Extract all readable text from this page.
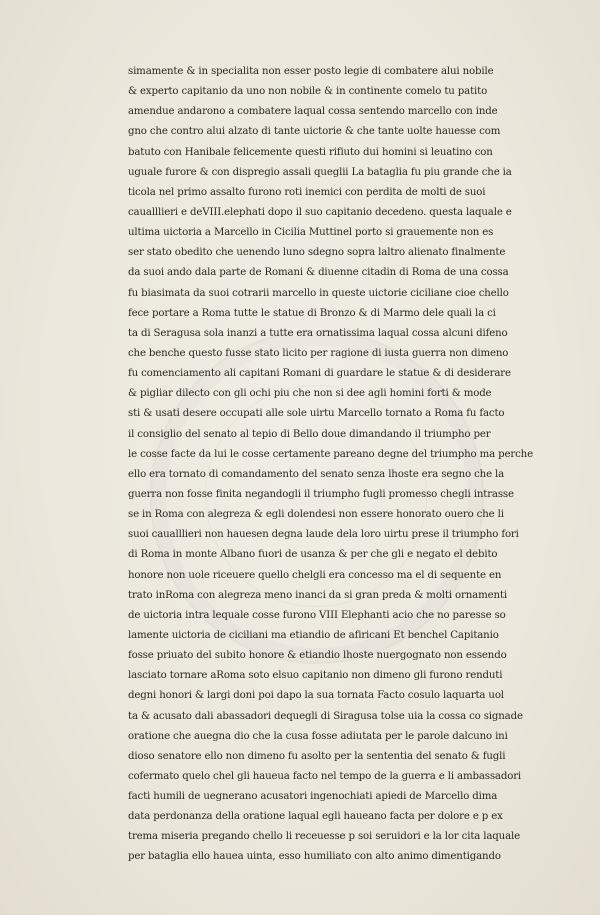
simamente & in specialita non esser posto legie di combatere alui nobile
& experto capitanio da uno non nobile & in continente comelo tu patito
amendue andarono a combatere laqual cossa sentendo marcello con inde
gno che contro alui alzato di tante uictorie & che tante uolte hauesse com
batuto con Hanibale felicemente questi rifiuto dui homini si leuatino con
uguale furore & con dispregio assali queglii La bataglia fu piu grande che ia
ticola nel primo assalto furono roti inemici con perdita de molti de suoi
caualllieri e deVIII.elephati dopo il suo capitanio decedeno. questa laquale e
ultima uictoria a Marcello in Cicilia Muttinel porto si grauemente non es
ser stato obedito che uenendo luno sdegno sopra laltro alienato finalmente
da suoi ando dala parte de Romani & diuenne citadin di Roma de una cossa
fu biasimata da suoi cotrarii marcello in queste uictorie ciciliane cioe chello
fece portare a Roma tutte le statue di Bronzo & di Marmo dele quali la ci
ta di Seragusa sola inanzi a tutte era ornatissima laqual cossa alcuni difeno
che benche questo fusse stato licito per ragione di iusta guerra non dimeno
fu comenciamento ali capitani Romani di guardare le statue & di desiderare
& pigliar dilecto con gli ochi piu che non si dee agli homini forti & mode
sti & usati desere occupati alle sole uirtu Marcello tornato a Roma fu facto
il consiglio del senato al tepio di Bello doue dimandando il triumpho per
le cosse facte da lui le cosse certamente pareano degne del triumpho ma perche
ello era tornato di comandamento del senato senza lhoste era segno che la
guerra non fosse finita negandogli il triumpho fugli promesso chegli intrasse
se in Roma con alegreza & egli dolendesi non essere honorato ouero che li
suoi caualllieri non hauesen degna laude dela loro uirtu prese il triumpho fori
di Roma in monte Albano fuori de usanza & per che gli e negato el debito
honore non uole riceuere quello chelgli era concesso ma el di sequente en
trato inRoma con alegreza meno inanci da si gran preda & molti ornamenti
de uictoria intra lequale cosse furono VIII Elephanti acio che no paresse so
lamente uictoria de ciciliani ma etiandio de afiricani Et benchel Capitanio
fosse priuato del subito honore & etiandio lhoste nuergognato non essendo
lasciato tornare aRoma soto elsuo capitanio non dimeno gli furono renduti
degni honori & largi doni poi dapo la sua tornata Facto cosulo laquarta uol
ta & acusato dali abassadori dequegli di Siragusa tolse uia la cossa co signade
oratione che auegna dio che la cusa fosse adiutata per le parole dalcuno ini
dioso senatore ello non dimeno fu asolto per la sententia del senato & fugli
cofermato quelo chel gli haueua facto nel tempo de la guerra e li ambassadori
facti humili de uegnerano acusatori ingenochiati apiedi de Marcello dima
data perdonanza della oratione laqual egli haueano facta per dolore e p ex
trema miseria pregando chello li receuesse p soi seruidori e la lor cita laquale
per bataglia ello hauea uinta, esso humiliato con alto animo dimentigando
